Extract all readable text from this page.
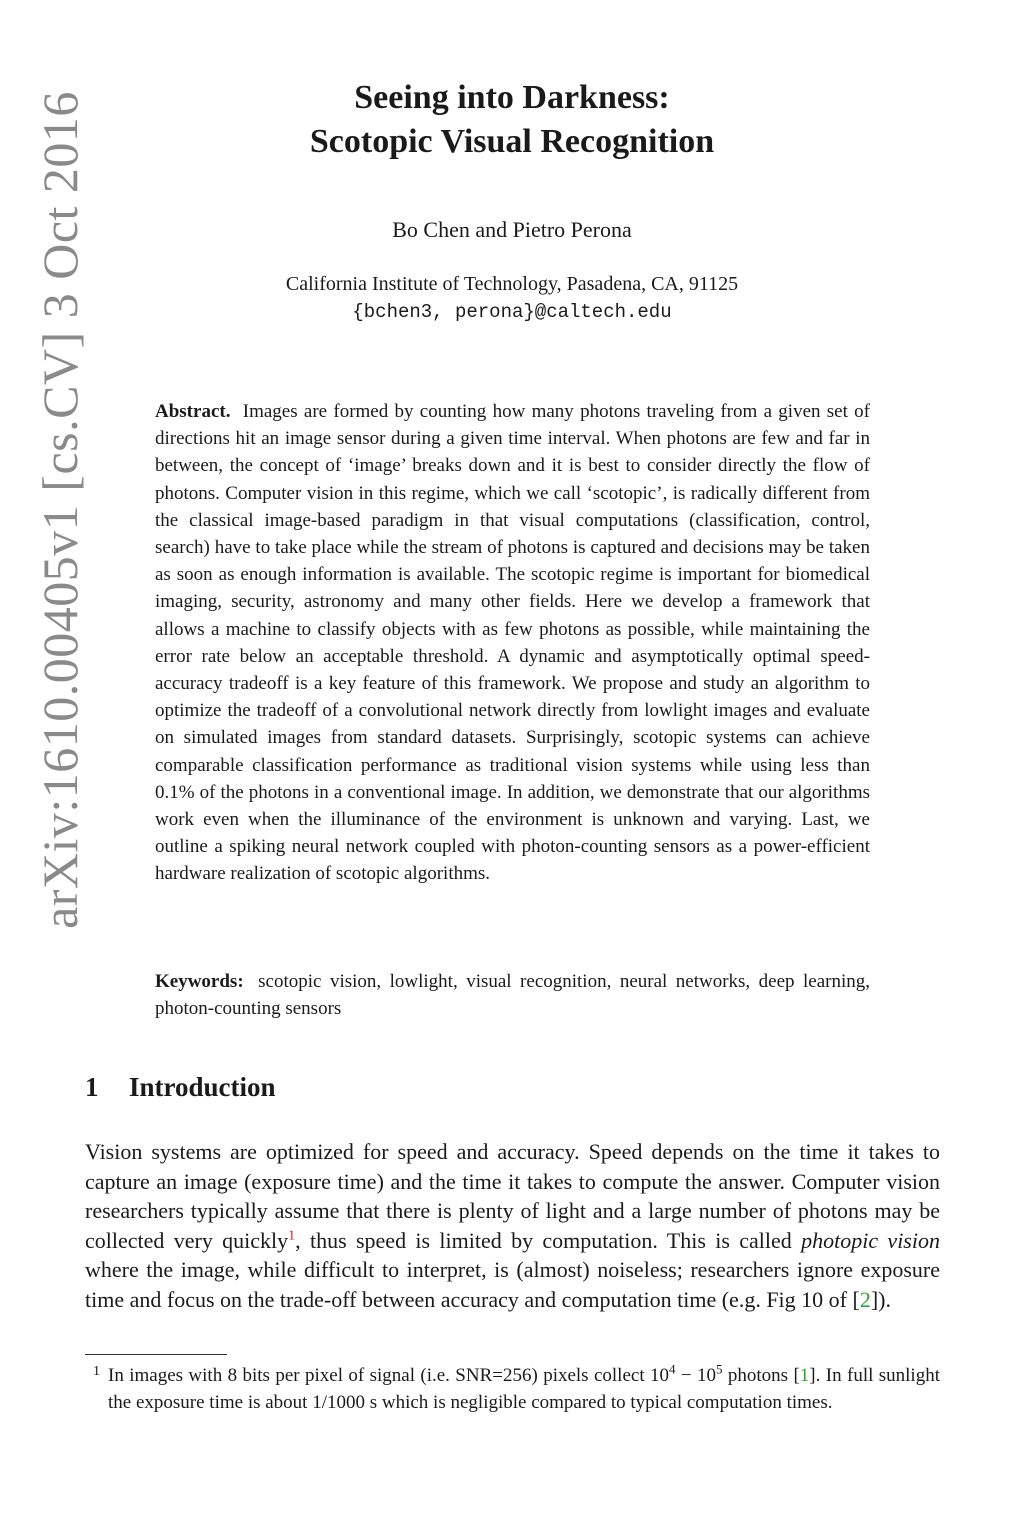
arXiv:1610.00405v1 [cs.CV] 3 Oct 2016	Seeing into Darkness:
Scotopic Visual Recognition
Bo Chen and Pietro Perona
California Institute of Technology, Pasadena, CA, 91125
{bchen3, perona}@caltech.edu
Abstract. Images are formed by counting how many photons traveling from a given set of directions hit an image sensor during a given time interval. When photons are few and far in between, the concept of ‘image’ breaks down and it is best to consider directly the flow of photons. Computer vision in this regime, which we call ‘scotopic’, is radically different from the classical image-based paradigm in that visual computations (classification, control, search) have to take place while the stream of photons is captured and decisions may be taken as soon as enough information is available. The scotopic regime is important for biomedical imaging, security, astronomy and many other fields. Here we develop a framework that allows a machine to classify objects with as few photons as possible, while maintaining the error rate below an acceptable threshold. A dynamic and asymptotically optimal speed-accuracy tradeoff is a key feature of this framework. We propose and study an algorithm to optimize the tradeoff of a convolutional network directly from lowlight images and evaluate on simulated images from standard datasets. Surprisingly, scotopic systems can achieve comparable classification performance as traditional vision systems while using less than 0.1% of the photons in a conventional image. In addition, we demonstrate that our algorithms work even when the illuminance of the environment is unknown and varying. Last, we outline a spiking neural network coupled with photon-counting sensors as a power-efficient hardware realization of scotopic algorithms.
Keywords: scotopic vision, lowlight, visual recognition, neural networks, deep learning, photon-counting sensors
1 Introduction
Vision systems are optimized for speed and accuracy. Speed depends on the time it takes to capture an image (exposure time) and the time it takes to compute the answer. Computer vision researchers typically assume that there is plenty of light and a large number of photons may be collected very quickly$^1$, thus speed is limited by computation. This is called photopic vision where the image, while difficult to interpret, is (almost) noiseless; researchers ignore exposure time and focus on the trade-off between accuracy and computation time (e.g. Fig 10 of [2]).
1 In images with 8 bits per pixel of signal (i.e. SNR=256) pixels collect $10^4 - 10^5$ photons [1]. In full sunlight the exposure time is about 1/1000 s which is negligible compared to typical computation times.
